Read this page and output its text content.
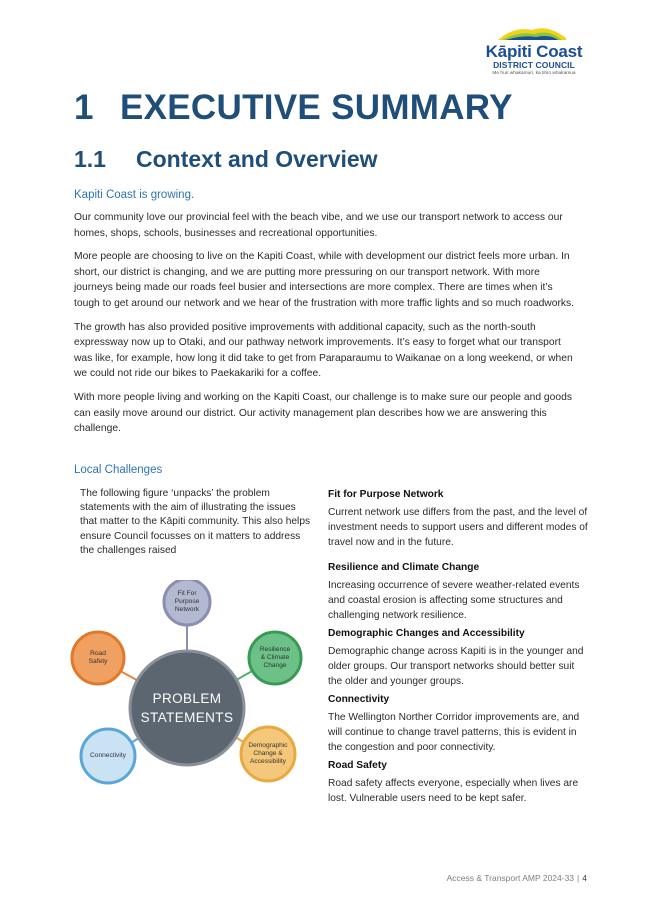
Kāpiti Coast
DISTRICT COUNCIL
Me huri whakamuri, ka titiro whakamua
1 EXECUTIVE SUMMARY
1.1 Context and Overview
Kapiti Coast is growing.

Our community love our provincial feel with the beach vibe, and we use our transport network to access our homes, shops, schools, businesses and recreational opportunities.

More people are choosing to live on the Kapiti Coast, while with development our district feels more urban. In short, our district is changing, and we are putting more pressuring on our transport network. With more journeys being made our roads feel busier and intersections are more complex. There are times when it’s tough to get around our network and we hear of the frustration with more traffic lights and so much roadworks.

The growth has also provided positive improvements with additional capacity, such as the north-south expressway now up to Otaki, and our pathway network improvements. It’s easy to forget what our transport was like, for example, how long it did take to get from Paraparaumu to Waikanae on a long weekend, or when we could not ride our bikes to Paekakariki for a coffee.

With more people living and working on the Kapiti Coast, our challenge is to make sure our people and goods can easily move around our district. Our activity management plan describes how we are answering this challenge.

Local Challenges
The following figure ‘unpacks’ the problem statements with the aim of illustrating the issues that matter to the Kāpiti community. This also helps ensure Council focusses on it matters to address the challenges raised
PROBLEM
STATEMENTS
Fit For
Purpose
Network
Resilience
& Climate
Change
Demographic
Change &
Accessibility
Connectivity
Road
Safety
Fit for Purpose Network

Current network use differs from the past, and the level of investment needs to support users and different modes of travel now and in the future.

Resilience and Climate Change

Increasing occurrence of severe weather-related events and coastal erosion is affecting some structures and challenging network resilience.

Demographic Changes and Accessibility

Demographic change across Kapiti is in the younger and older groups. Our transport networks should better suit the older and younger groups.

Connectivity

The Wellington Norther Corridor improvements are, and will continue to change travel patterns, this is evident in the congestion and poor connectivity.

Road Safety

Road safety affects everyone, especially when lives are lost. Vulnerable users need to be kept safer.

Access & Transport AMP 2024-33 | 4
